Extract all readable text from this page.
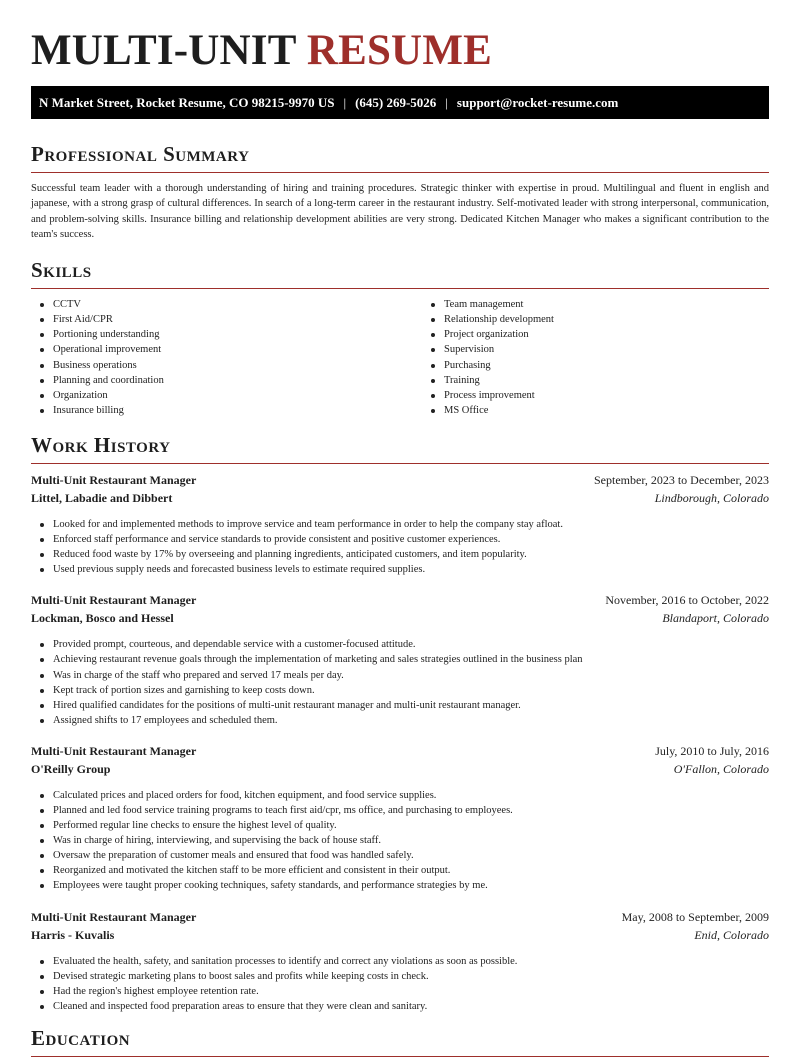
MULTI-UNIT RESUME
N Market Street, Rocket Resume, CO 98215-9970 US | (645) 269-5026 | support@rocket-resume.com
Professional Summary

Successful team leader with a thorough understanding of hiring and training procedures. Strategic thinker with expertise in proud. Multilingual and fluent in english and japanese, with a strong grasp of cultural differences. In search of a long-term career in the restaurant industry. Self-motivated leader with strong interpersonal, communication, and problem-solving skills. Insurance billing and relationship development abilities are very strong. Dedicated Kitchen Manager who makes a significant contribution to the team's success.

Skills
CCTV
First Aid/CPR
Portioning understanding
Operational improvement
Business operations
Planning and coordination
Organization
Insurance billing
Team management
Relationship development
Project organization
Supervision
Purchasing
Training
Process improvement
MS Office
Work History
Multi-Unit Restaurant Manager	September, 2023 to December, 2023
Littel, Labadie and Dibbert	Lindborough, Colorado
Looked for and implemented methods to improve service and team performance in order to help the company stay afloat.
Enforced staff performance and service standards to provide consistent and positive customer experiences.
Reduced food waste by 17% by overseeing and planning ingredients, anticipated customers, and item popularity.
Used previous supply needs and forecasted business levels to estimate required supplies.
Multi-Unit Restaurant Manager	November, 2016 to October, 2022
Lockman, Bosco and Hessel	Blandaport, Colorado
Provided prompt, courteous, and dependable service with a customer-focused attitude.
Achieving restaurant revenue goals through the implementation of marketing and sales strategies outlined in the business plan
Was in charge of the staff who prepared and served 17 meals per day.
Kept track of portion sizes and garnishing to keep costs down.
Hired qualified candidates for the positions of multi-unit restaurant manager and multi-unit restaurant manager.
Assigned shifts to 17 employees and scheduled them.
Multi-Unit Restaurant Manager	July, 2010 to July, 2016
O'Reilly Group	O'Fallon, Colorado
Calculated prices and placed orders for food, kitchen equipment, and food service supplies.
Planned and led food service training programs to teach first aid/cpr, ms office, and purchasing to employees.
Performed regular line checks to ensure the highest level of quality.
Was in charge of hiring, interviewing, and supervising the back of house staff.
Oversaw the preparation of customer meals and ensured that food was handled safely.
Reorganized and motivated the kitchen staff to be more efficient and consistent in their output.
Employees were taught proper cooking techniques, safety standards, and performance strategies by me.
Multi-Unit Restaurant Manager	May, 2008 to September, 2009
Harris - Kuvalis	Enid, Colorado
Evaluated the health, safety, and sanitation processes to identify and correct any violations as soon as possible.
Devised strategic marketing plans to boost sales and profits while keeping costs in check.
Had the region's highest employee retention rate.
Cleaned and inspected food preparation areas to ensure that they were clean and sanitary.
Education
